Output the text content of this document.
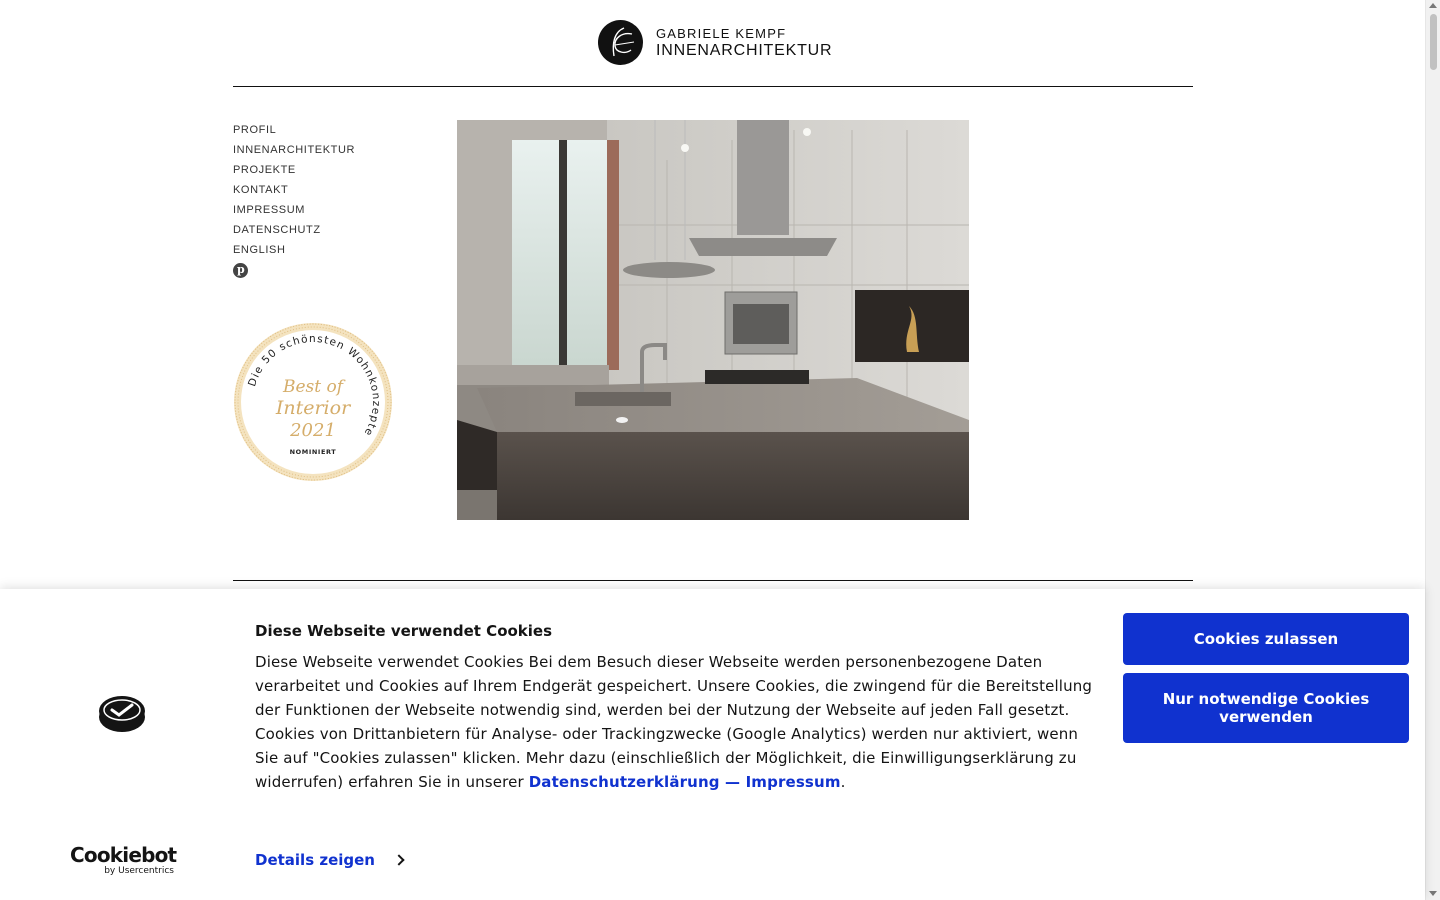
GABRIELE KEMPF
INNENARCHITEKTUR
PROFIL
INNENARCHITEKTUR
PROJEKTE
KONTAKT
IMPRESSUM
DATENSCHUTZ
ENGLISH
p
Die 50 schönsten Wohnkonzepte
Best of
Interior
2021
NOMINIERT
Cookiebot
by Usercentrics
Diese Webseite verwendet Cookies

Diese Webseite verwendet Cookies Bei dem Besuch dieser Webseite werden personenbezogene Daten verarbeitet und Cookies auf Ihrem Endgerät gespeichert. Unsere Cookies, die zwingend für die Bereitstellung der Funktionen der Webseite notwendig sind, werden bei der Nutzung der Webseite auf jeden Fall gesetzt. Cookies von Drittanbietern für Analyse- oder Trackingzwecke (Google Analytics) werden nur aktiviert, wenn Sie auf "Cookies zulassen" klicken. Mehr dazu (einschließlich der Möglichkeit, die Einwilligungserklärung zu widerrufen) erfahren Sie in unserer Datenschutzerklärung — Impressum.

Details zeigen
Cookies zulassen
Nur notwendige Cookies verwenden
